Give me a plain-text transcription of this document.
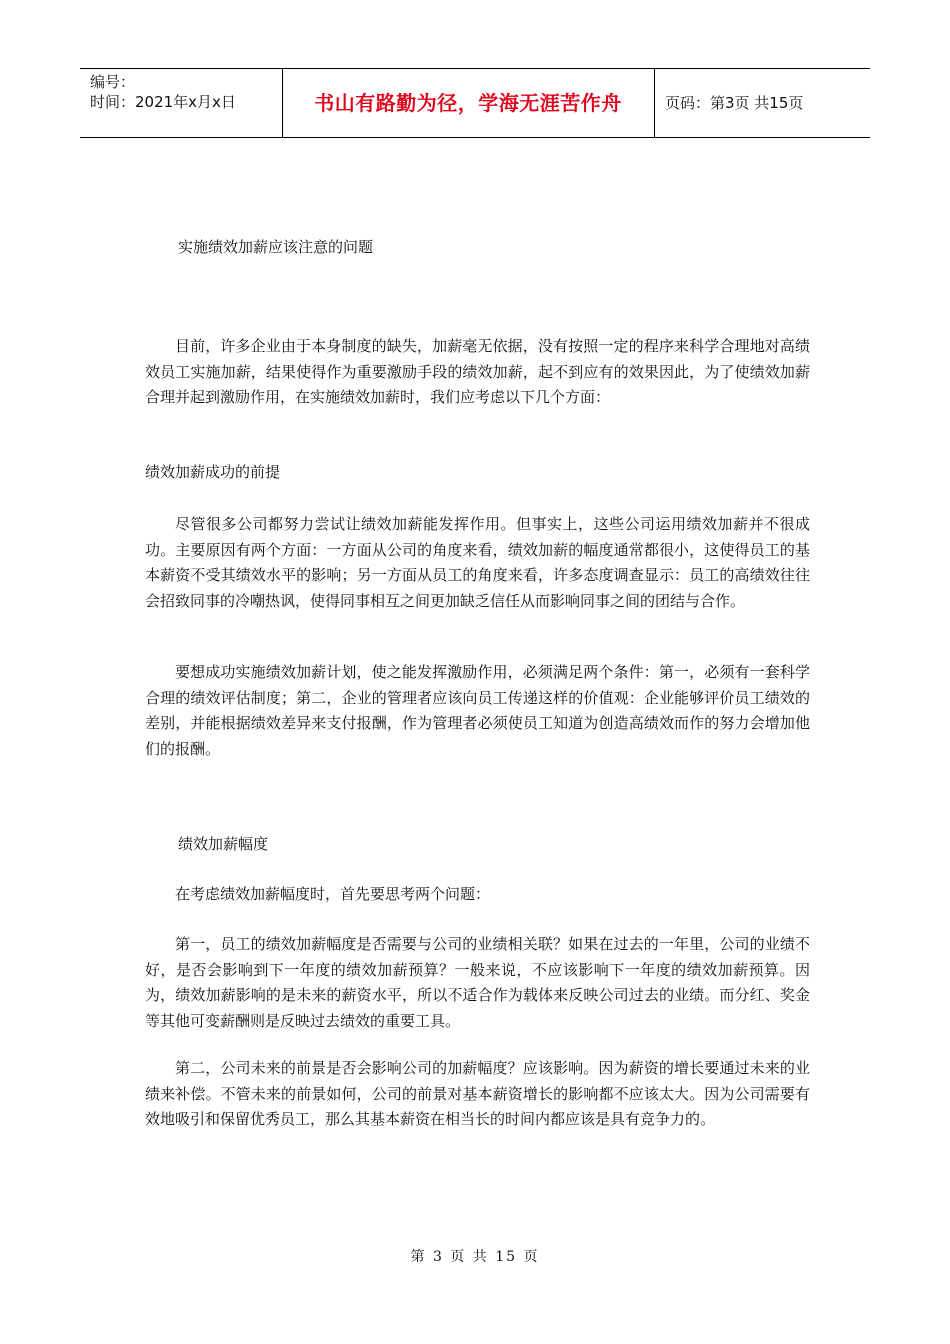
编号：
时间：2021年x月x日	书山有路勤为径，学海无涯苦作舟	页码：第3页 共15页
实施绩效加薪应该注意的问题

目前，许多企业由于本身制度的缺失，加薪毫无依据，没有按照一定的程序来科学合理地对高绩效员工实施加薪，结果使得作为重要激励手段的绩效加薪，起不到应有的效果因此，为了使绩效加薪合理并起到激励作用，在实施绩效加薪时，我们应考虑以下几个方面：

绩效加薪成功的前提

尽管很多公司都努力尝试让绩效加薪能发挥作用。但事实上，这些公司运用绩效加薪并不很成功。主要原因有两个方面：一方面从公司的角度来看，绩效加薪的幅度通常都很小，这使得员工的基本薪资不受其绩效水平的影响；另一方面从员工的角度来看，许多态度调查显示：员工的高绩效往往会招致同事的冷嘲热讽，使得同事相互之间更加缺乏信任从而影响同事之间的团结与合作。

要想成功实施绩效加薪计划，使之能发挥激励作用，必须满足两个条件：第一，必须有一套科学合理的绩效评估制度；第二，企业的管理者应该向员工传递这样的价值观：企业能够评价员工绩效的差别，并能根据绩效差异来支付报酬，作为管理者必须使员工知道为创造高绩效而作的努力会增加他们的报酬。

绩效加薪幅度

在考虑绩效加薪幅度时，首先要思考两个问题：

第一，员工的绩效加薪幅度是否需要与公司的业绩相关联？如果在过去的一年里，公司的业绩不好，是否会影响到下一年度的绩效加薪预算？一般来说，不应该影响下一年度的绩效加薪预算。因为，绩效加薪影响的是未来的薪资水平，所以不适合作为载体来反映公司过去的业绩。而分红、奖金等其他可变薪酬则是反映过去绩效的重要工具。

第二，公司未来的前景是否会影响公司的加薪幅度？应该影响。因为薪资的增长要通过未来的业绩来补偿。不管未来的前景如何，公司的前景对基本薪资增长的影响都不应该太大。因为公司需要有效地吸引和保留优秀员工，那么其基本薪资在相当长的时间内都应该是具有竞争力的。

第 3 页 共 15 页
